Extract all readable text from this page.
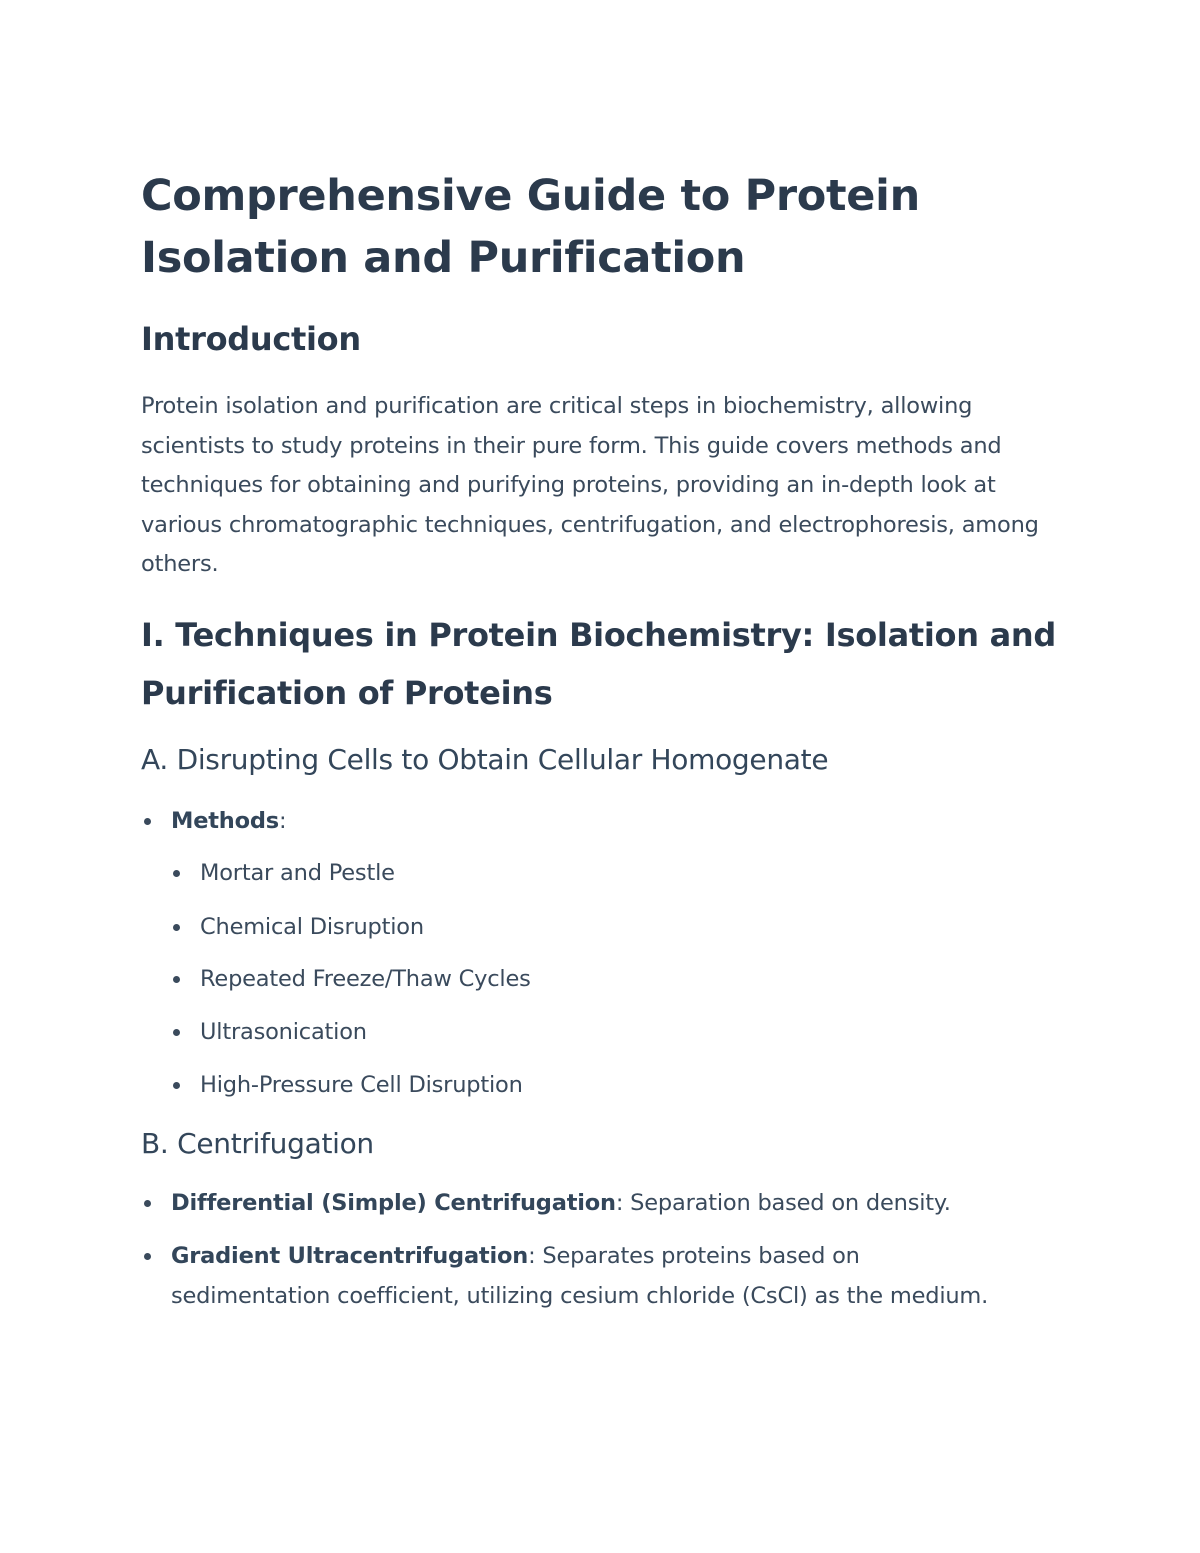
Comprehensive Guide to Protein Isolation and Purification
Introduction

Protein isolation and purification are critical steps in biochemistry, allowing scientists to study proteins in their pure form. This guide covers methods and techniques for obtaining and purifying proteins, providing an in-depth look at various chromatographic techniques, centrifugation, and electrophoresis, among others.

I. Techniques in Protein Biochemistry: Isolation and Purification of Proteins
A. Disrupting Cells to Obtain Cellular Homogenate
Methods:
Mortar and Pestle
Chemical Disruption
Repeated Freeze/Thaw Cycles
Ultrasonication
High-Pressure Cell Disruption
B. Centrifugation
Differential (Simple) Centrifugation: Separation based on density.
Gradient Ultracentrifugation: Separates proteins based on sedimentation coefficient, utilizing cesium chloride (CsCl) as the medium.
